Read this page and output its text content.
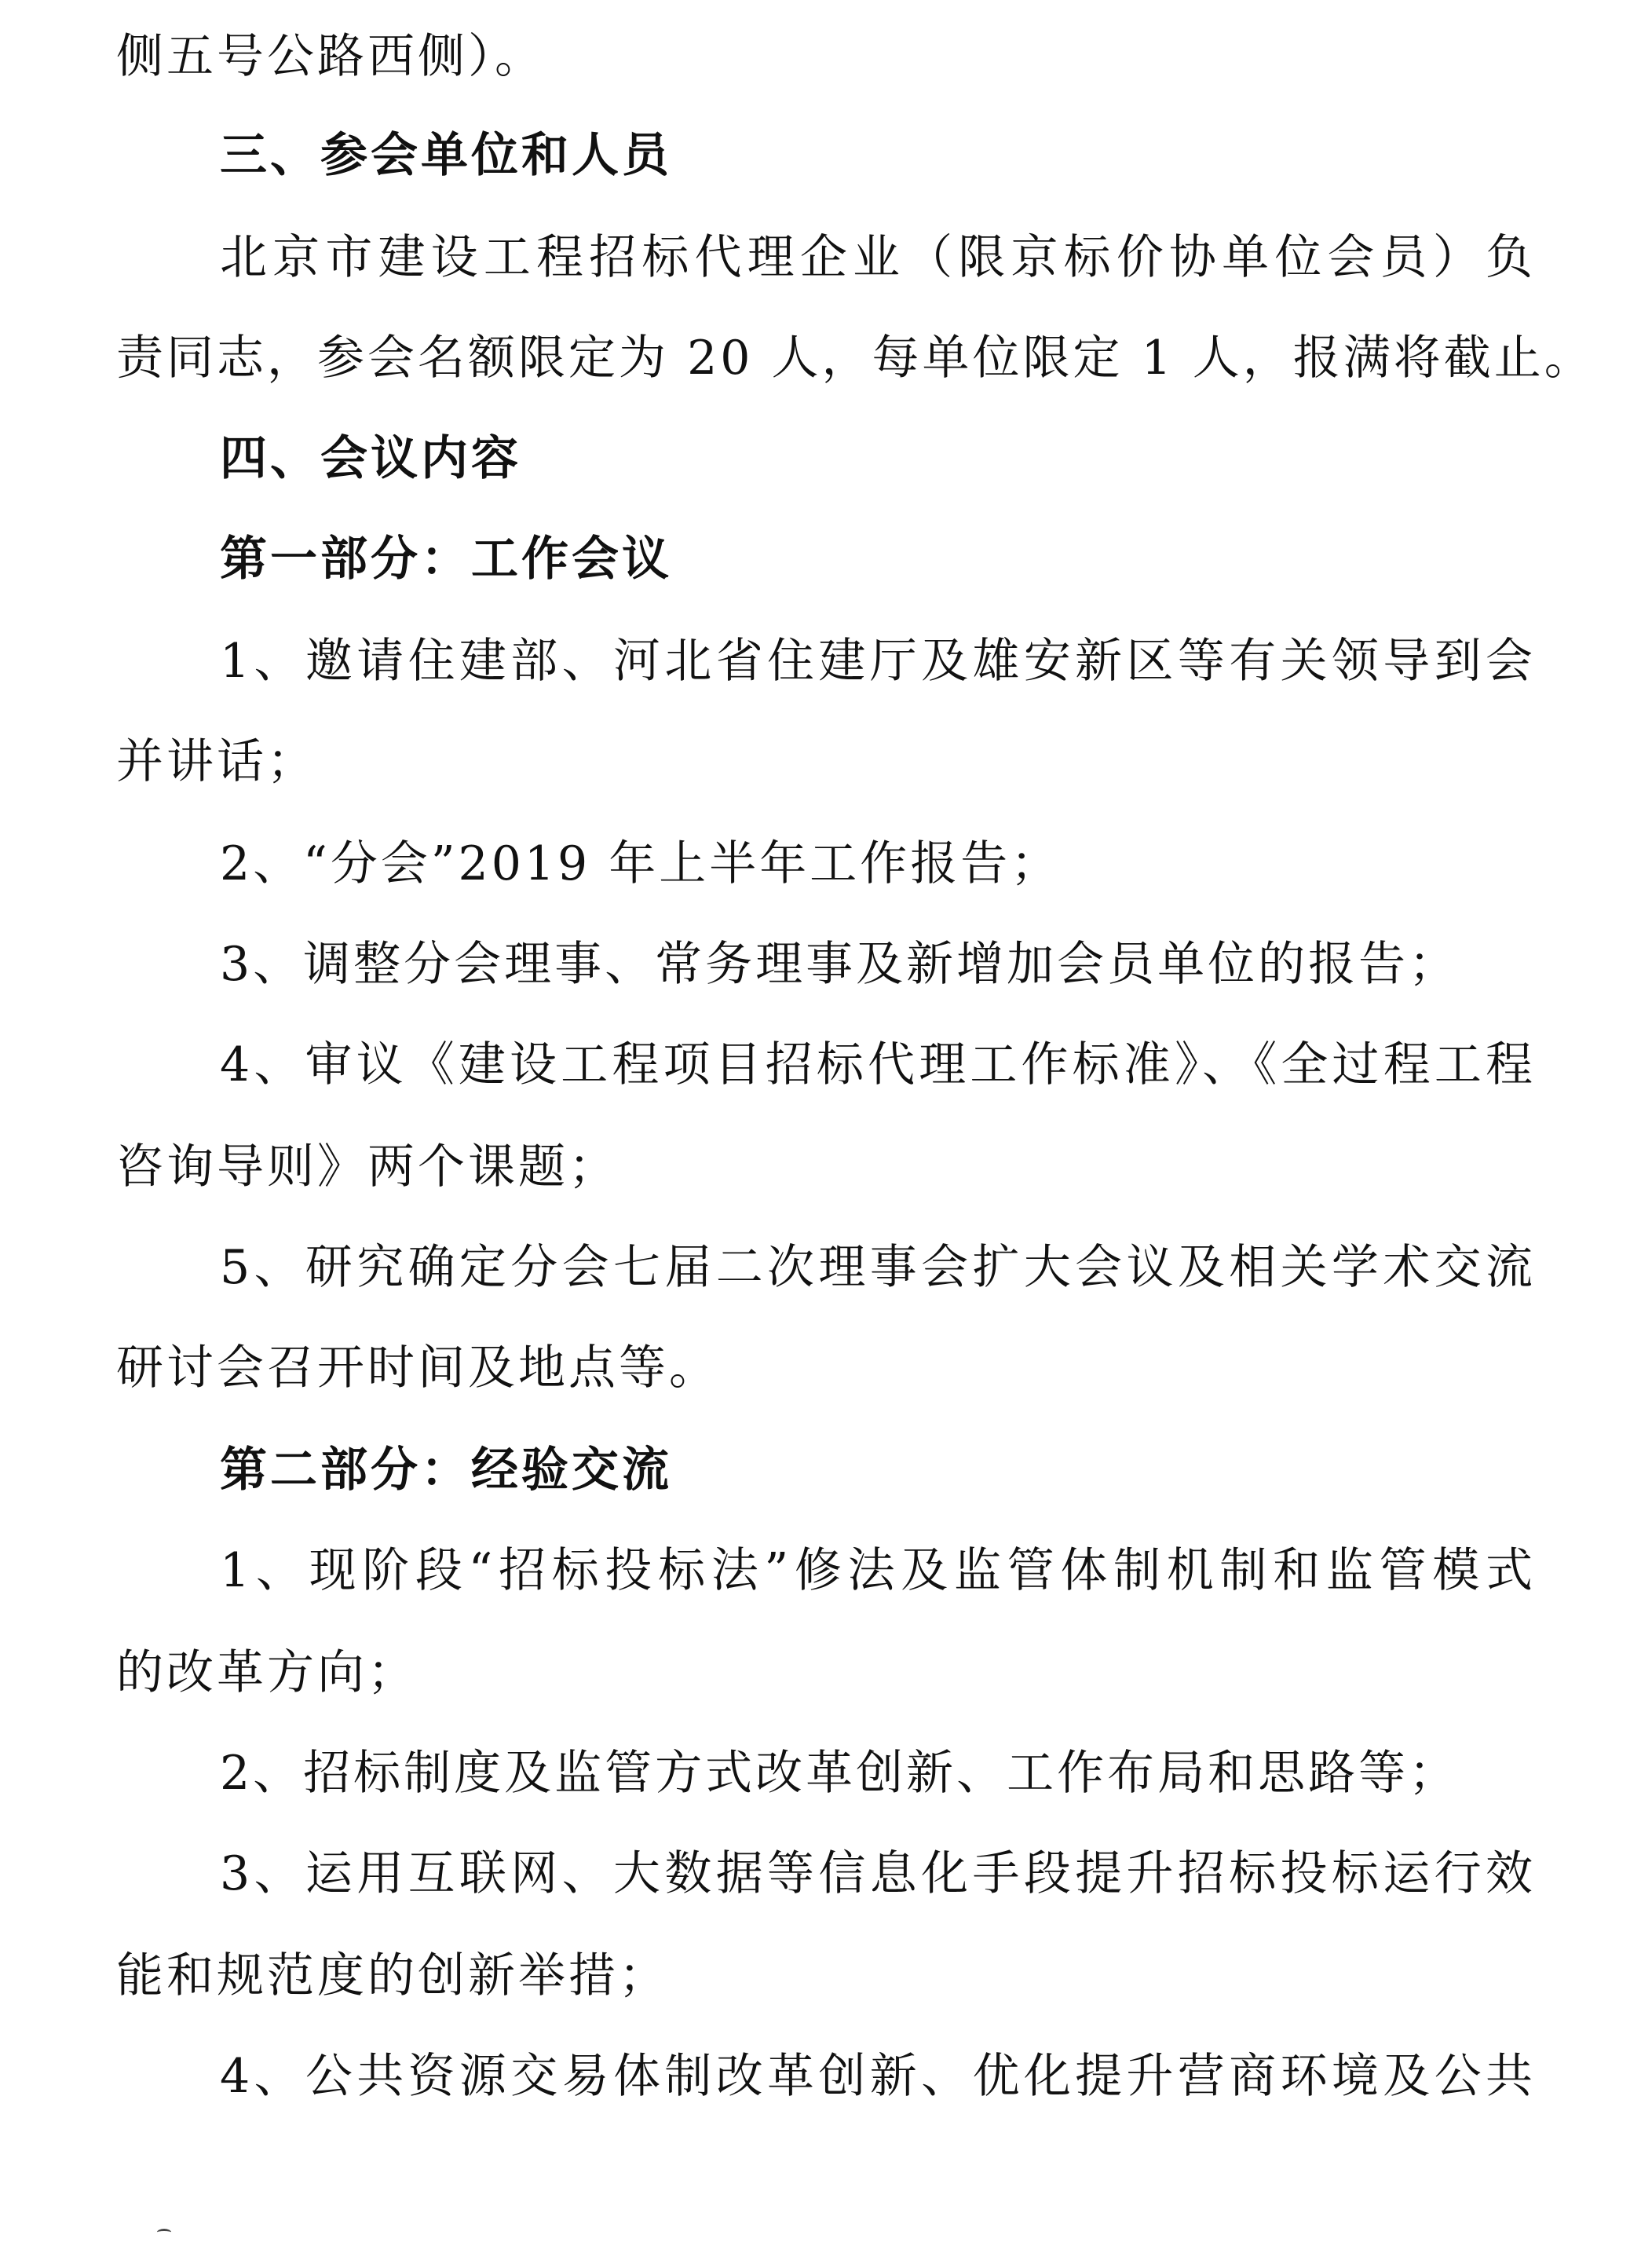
侧五号公路西侧）。
三、参会单位和人员
北京市建设工程招标代理企业（限京标价协单位会员）负
责同志，参会名额限定为 20 人，每单位限定 1 人，报满将截止。
四、会议内容
第一部分：工作会议
1、邀请住建部、河北省住建厅及雄安新区等有关领导到会
并讲话；
2、“分会”2019 年上半年工作报告；
3、调整分会理事、常务理事及新增加会员单位的报告；
4、审议《建设工程项目招标代理工作标准》、《全过程工程
咨询导则》两个课题；
5、研究确定分会七届二次理事会扩大会议及相关学术交流
研讨会召开时间及地点等。
第二部分：经验交流
1、现阶段“招标投标法”修法及监管体制机制和监管模式
的改革方向；
2、招标制度及监管方式改革创新、工作布局和思路等；
3、运用互联网、大数据等信息化手段提升招标投标运行效
能和规范度的创新举措；
4、公共资源交易体制改革创新、优化提升营商环境及公共
